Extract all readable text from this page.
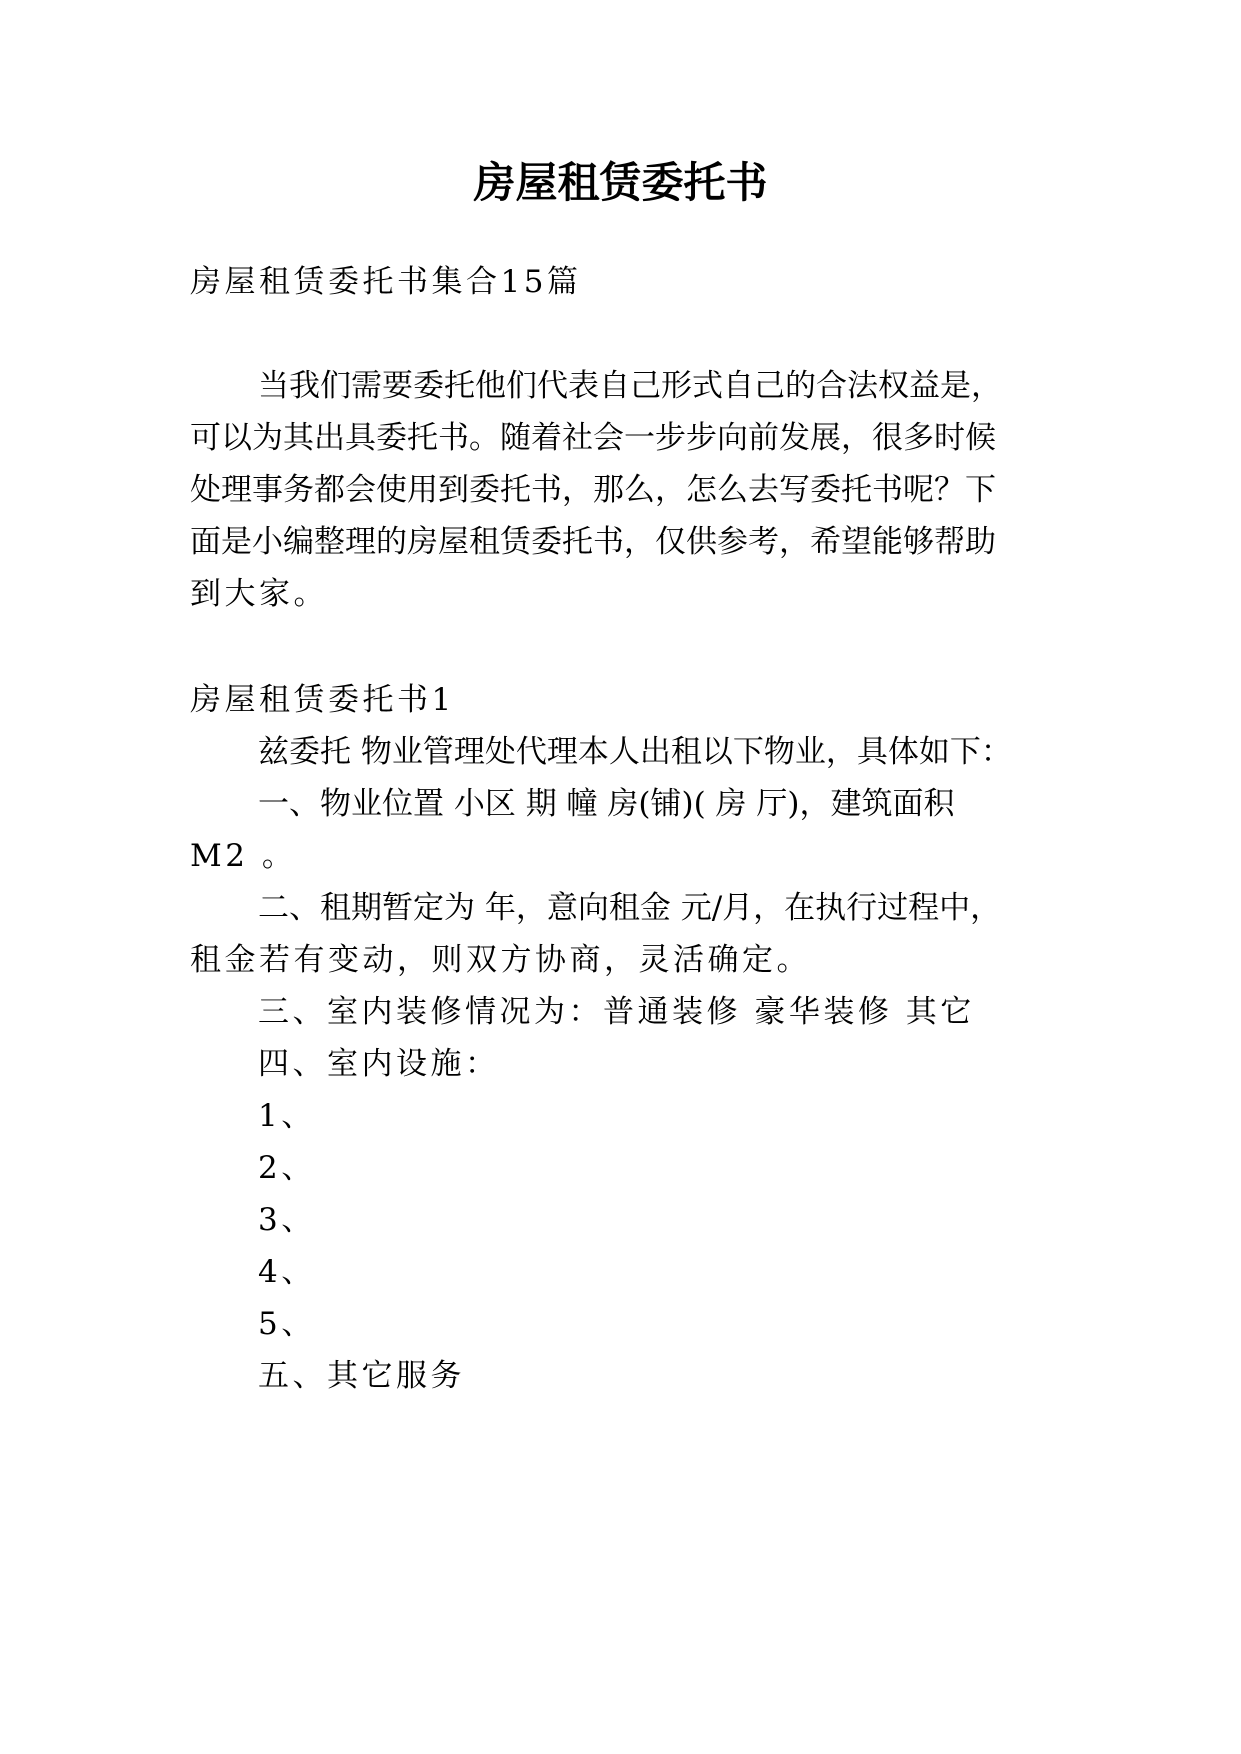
房屋租赁委托书
房屋租赁委托书集合15篇
当我们需要委托他们代表自己形式自己的合法权益是，
可以为其出具委托书。随着社会一步步向前发展，很多时候
处理事务都会使用到委托书，那么，怎么去写委托书呢？下
面是小编整理的房屋租赁委托书，仅供参考，希望能够帮助
到大家。
房屋租赁委托书1
兹委托 物业管理处代理本人出租以下物业，具体如下：
一、物业位置 小区 期 幢 房(铺)( 房 厅)，建筑面积
M2 。
二、租期暂定为 年，意向租金 元/月，在执行过程中，
租金若有变动，则双方协商，灵活确定。
三、室内装修情况为：普通装修 豪华装修 其它
四、室内设施：
1、
2、
3、
4、
5、
五、其它服务
